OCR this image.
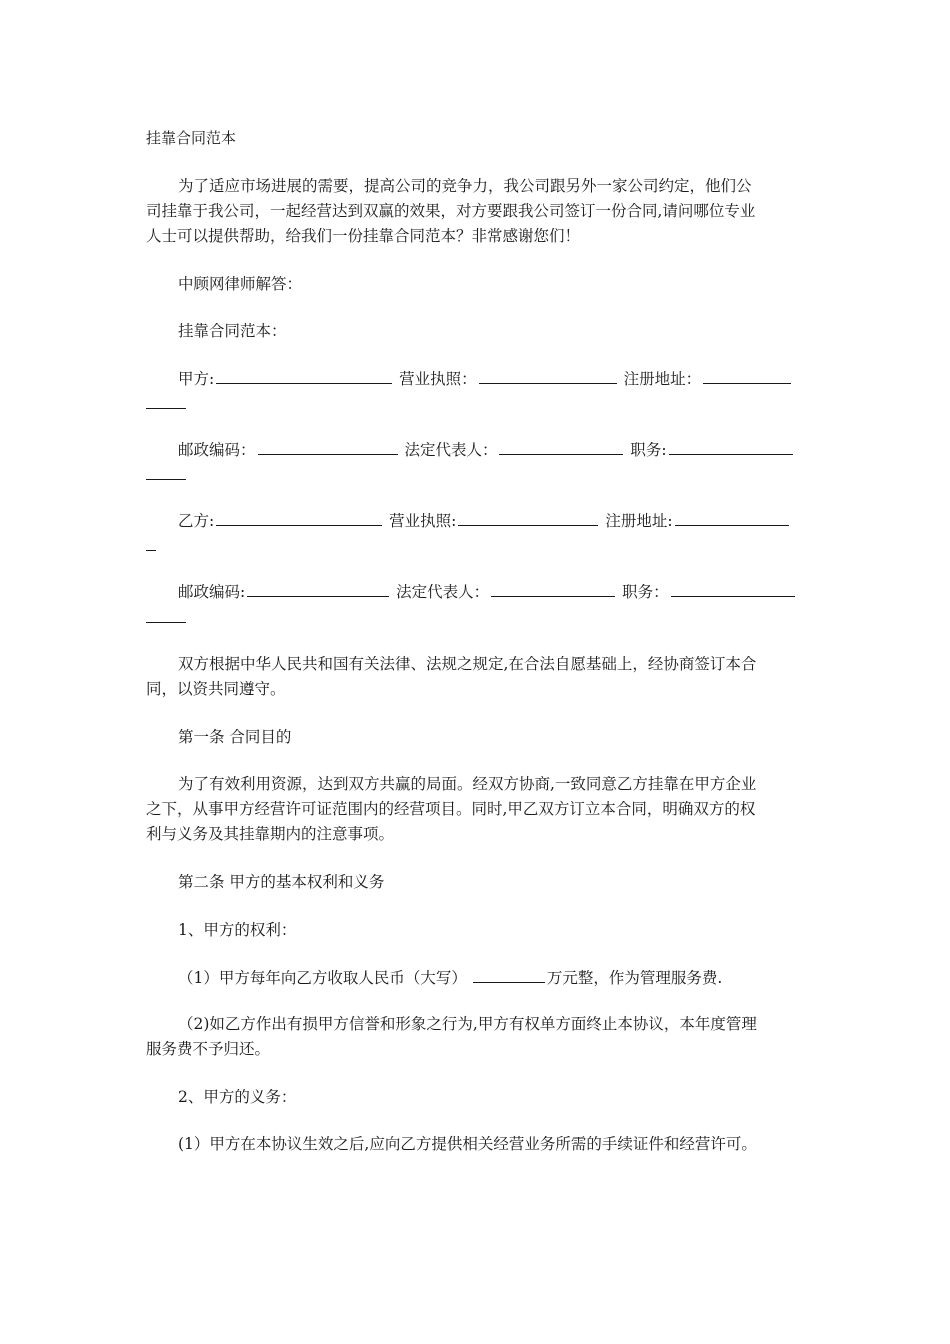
挂靠合同范本
为了适应市场进展的需要，提高公司的竞争力，我公司跟另外一家公司约定，他们公
司挂靠于我公司，一起经营达到双赢的效果，对方要跟我公司签订一份合同,请问哪位专业
人士可以提供帮助，给我们一份挂靠合同范本？非常感谢您们！
中顾网律师解答：
挂靠合同范本：
甲方:	营业执照：	注册地址：
邮政编码：	法定代表人：	职务:
乙方:	营业执照:	注册地址:
邮政编码:	法定代表人：	职务：
双方根据中华人民共和国有关法律、法规之规定,在合法自愿基础上，经协商签订本合
同，以资共同遵守。
第一条 合同目的
为了有效利用资源，达到双方共赢的局面。经双方协商,一致同意乙方挂靠在甲方企业
之下，从事甲方经营许可证范围内的经营项目。同时,甲乙双方订立本合同，明确双方的权
利与义务及其挂靠期内的注意事项。
第二条 甲方的基本权利和义务
1、甲方的权利：
（1）甲方每年向乙方收取人民币（大写）	万元整，作为管理服务费.
（2)如乙方作出有损甲方信誉和形象之行为,甲方有权单方面终止本协议，本年度管理
服务费不予归还。
2、甲方的义务：
(1）甲方在本协议生效之后,应向乙方提供相关经营业务所需的手续证件和经营许可。
